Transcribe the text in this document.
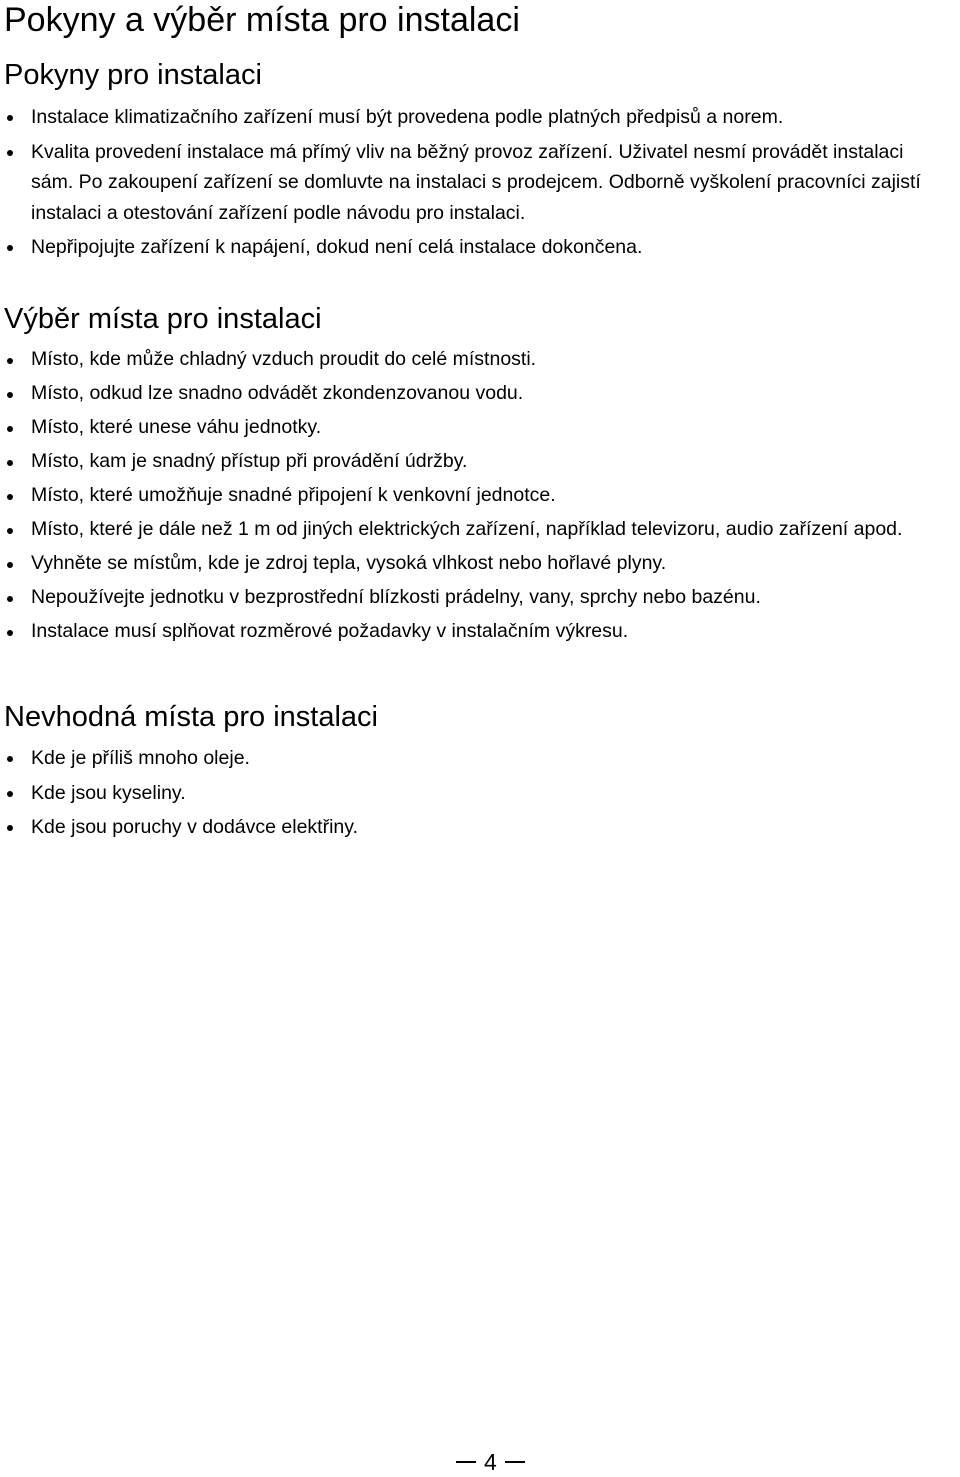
Pokyny a výběr místa pro instalaci
Pokyny pro instalaci
Instalace klimatizačního zařízení musí být provedena podle platných předpisů a norem.
Kvalita provedení instalace má přímý vliv na běžný provoz zařízení. Uživatel nesmí provádět instalaci sám. Po zakoupení zařízení se domluvte na instalaci s prodejcem. Odborně vyškolení pracovníci zajistí instalaci a otestování zařízení podle návodu pro instalaci.
Nepřipojujte zařízení k napájení, dokud není celá instalace dokončena.
Výběr místa pro instalaci
Místo, kde může chladný vzduch proudit do celé místnosti.
Místo, odkud lze snadno odvádět zkondenzovanou vodu.
Místo, které unese váhu jednotky.
Místo, kam je snadný přístup při provádění údržby.
Místo, které umožňuje snadné připojení k venkovní jednotce.
Místo, které je dále než 1 m od jiných elektrických zařízení, například televizoru, audio zařízení apod.
Vyhněte se místům, kde je zdroj tepla, vysoká vlhkost nebo hořlavé plyny.
Nepoužívejte jednotku v bezprostřední blízkosti prádelny, vany, sprchy nebo bazénu.
Instalace musí splňovat rozměrové požadavky v instalačním výkresu.
Nevhodná místa pro instalaci
Kde je příliš mnoho oleje.
Kde jsou kyseliny.
Kde jsou poruchy v dodávce elektřiny.
4
